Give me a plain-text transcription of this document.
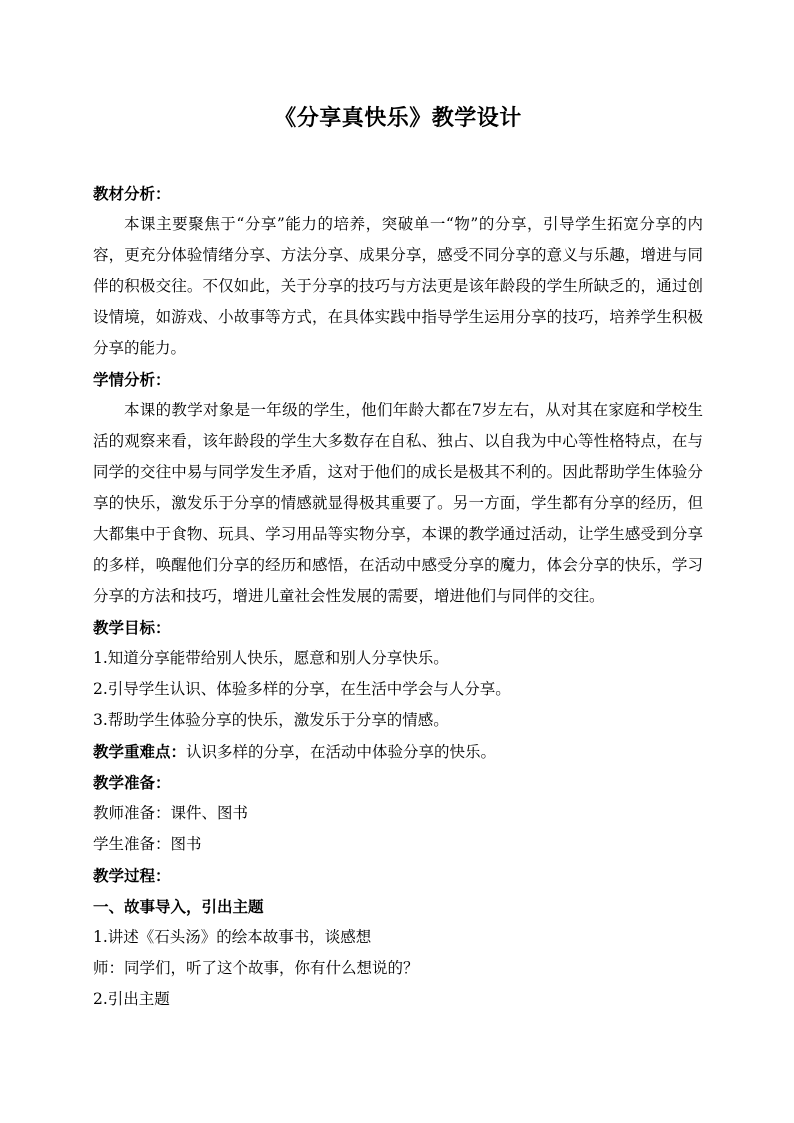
《分享真快乐》教学设计
教材分析：

本课主要聚焦于“分享”能力的培养，突破单一“物”的分享，引导学生拓宽分享的内容，更充分体验情绪分享、方法分享、成果分享，感受不同分享的意义与乐趣，增进与同伴的积极交往。不仅如此，关于分享的技巧与方法更是该年龄段的学生所缺乏的，通过创设情境，如游戏、小故事等方式，在具体实践中指导学生运用分享的技巧，培养学生积极分享的能力。

学情分析：

本课的教学对象是一年级的学生，他们年龄大都在7岁左右，从对其在家庭和学校生活的观察来看，该年龄段的学生大多数存在自私、独占、以自我为中心等性格特点，在与同学的交往中易与同学发生矛盾，这对于他们的成长是极其不利的。因此帮助学生体验分享的快乐，激发乐于分享的情感就显得极其重要了。另一方面，学生都有分享的经历，但大都集中于食物、玩具、学习用品等实物分享，本课的教学通过活动，让学生感受到分享的多样，唤醒他们分享的经历和感悟，在活动中感受分享的魔力，体会分享的快乐，学习分享的方法和技巧，增进儿童社会性发展的需要，增进他们与同伴的交往。

教学目标：
1.知道分享能带给别人快乐，愿意和别人分享快乐。
2.引导学生认识、体验多样的分享，在生活中学会与人分享。
3.帮助学生体验分享的快乐，激发乐于分享的情感。
教学重难点：认识多样的分享，在活动中体验分享的快乐。
教学准备：
教师准备：课件、图书
学生准备：图书
教学过程：
一、故事导入，引出主题
1.讲述《石头汤》的绘本故事书，谈感想
师：同学们，听了这个故事，你有什么想说的？
2.引出主题
